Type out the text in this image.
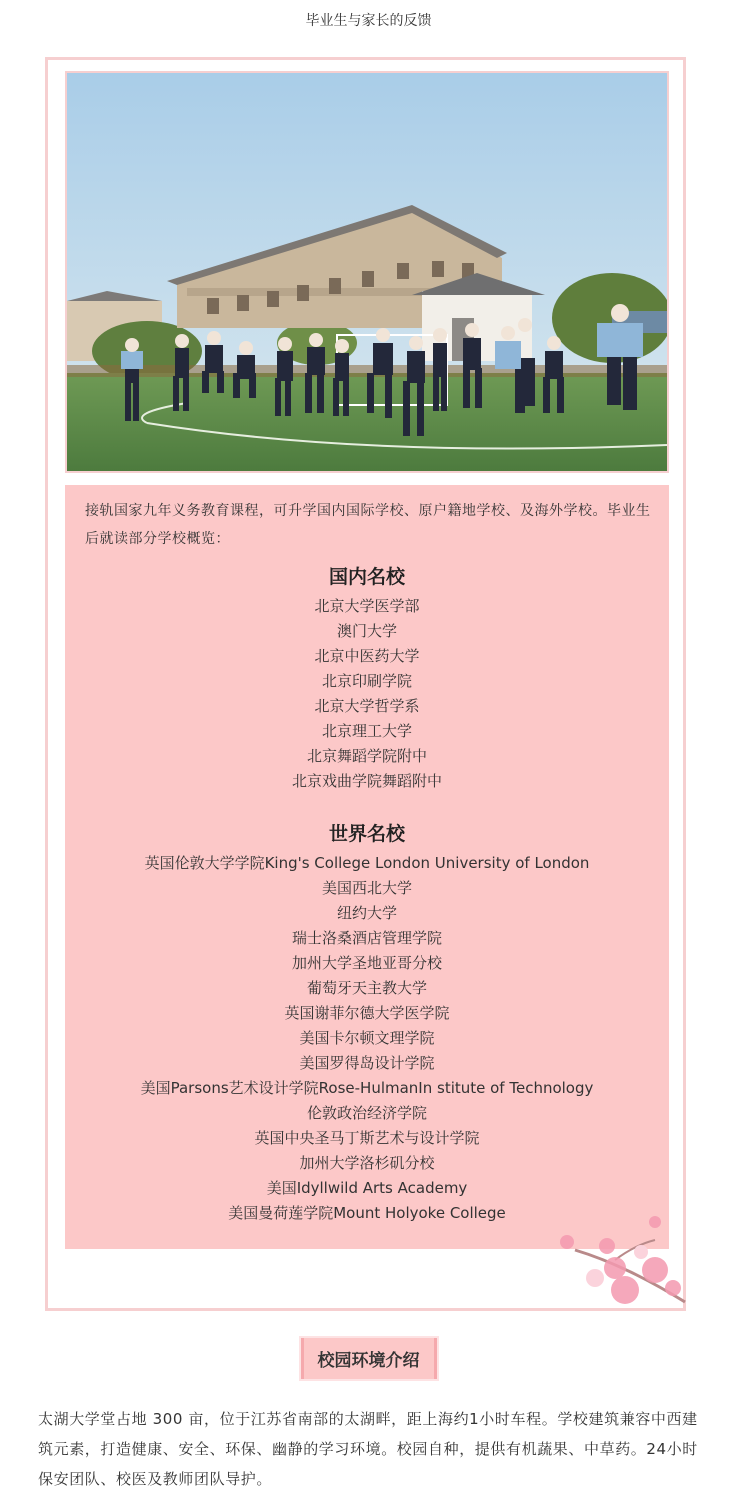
毕业生与家长的反馈
接轨国家九年义务教育课程，可升学国内国际学校、原户籍地学校、及海外学校。毕业生后就读部分学校概览：
国内名校
北京大学医学部
澳门大学
北京中医药大学
北京印刷学院
北京大学哲学系
北京理工大学
北京舞蹈学院附中
北京戏曲学院舞蹈附中
世界名校
英国伦敦大学学院King's College London University of London
美国西北大学
纽约大学
瑞士洛桑酒店管理学院
加州大学圣地亚哥分校
葡萄牙天主教大学
英国谢菲尔德大学医学院
美国卡尔顿文理学院
美国罗得岛设计学院
美国Parsons艺术设计学院Rose-HulmanIn stitute of Technology
伦敦政治经济学院
英国中央圣马丁斯艺术与设计学院
加州大学洛杉矶分校
美国Idyllwild Arts Academy
美国曼荷莲学院Mount Holyoke College
校园环境介绍
太湖大学堂占地 300 亩，位于江苏省南部的太湖畔，距上海约1小时车程。学校建筑兼容中西建筑元素，打造健康、安全、环保、幽静的学习环境。校园自种，提供有机蔬果、中草药。24小时保安团队、校医及教师团队导护。
